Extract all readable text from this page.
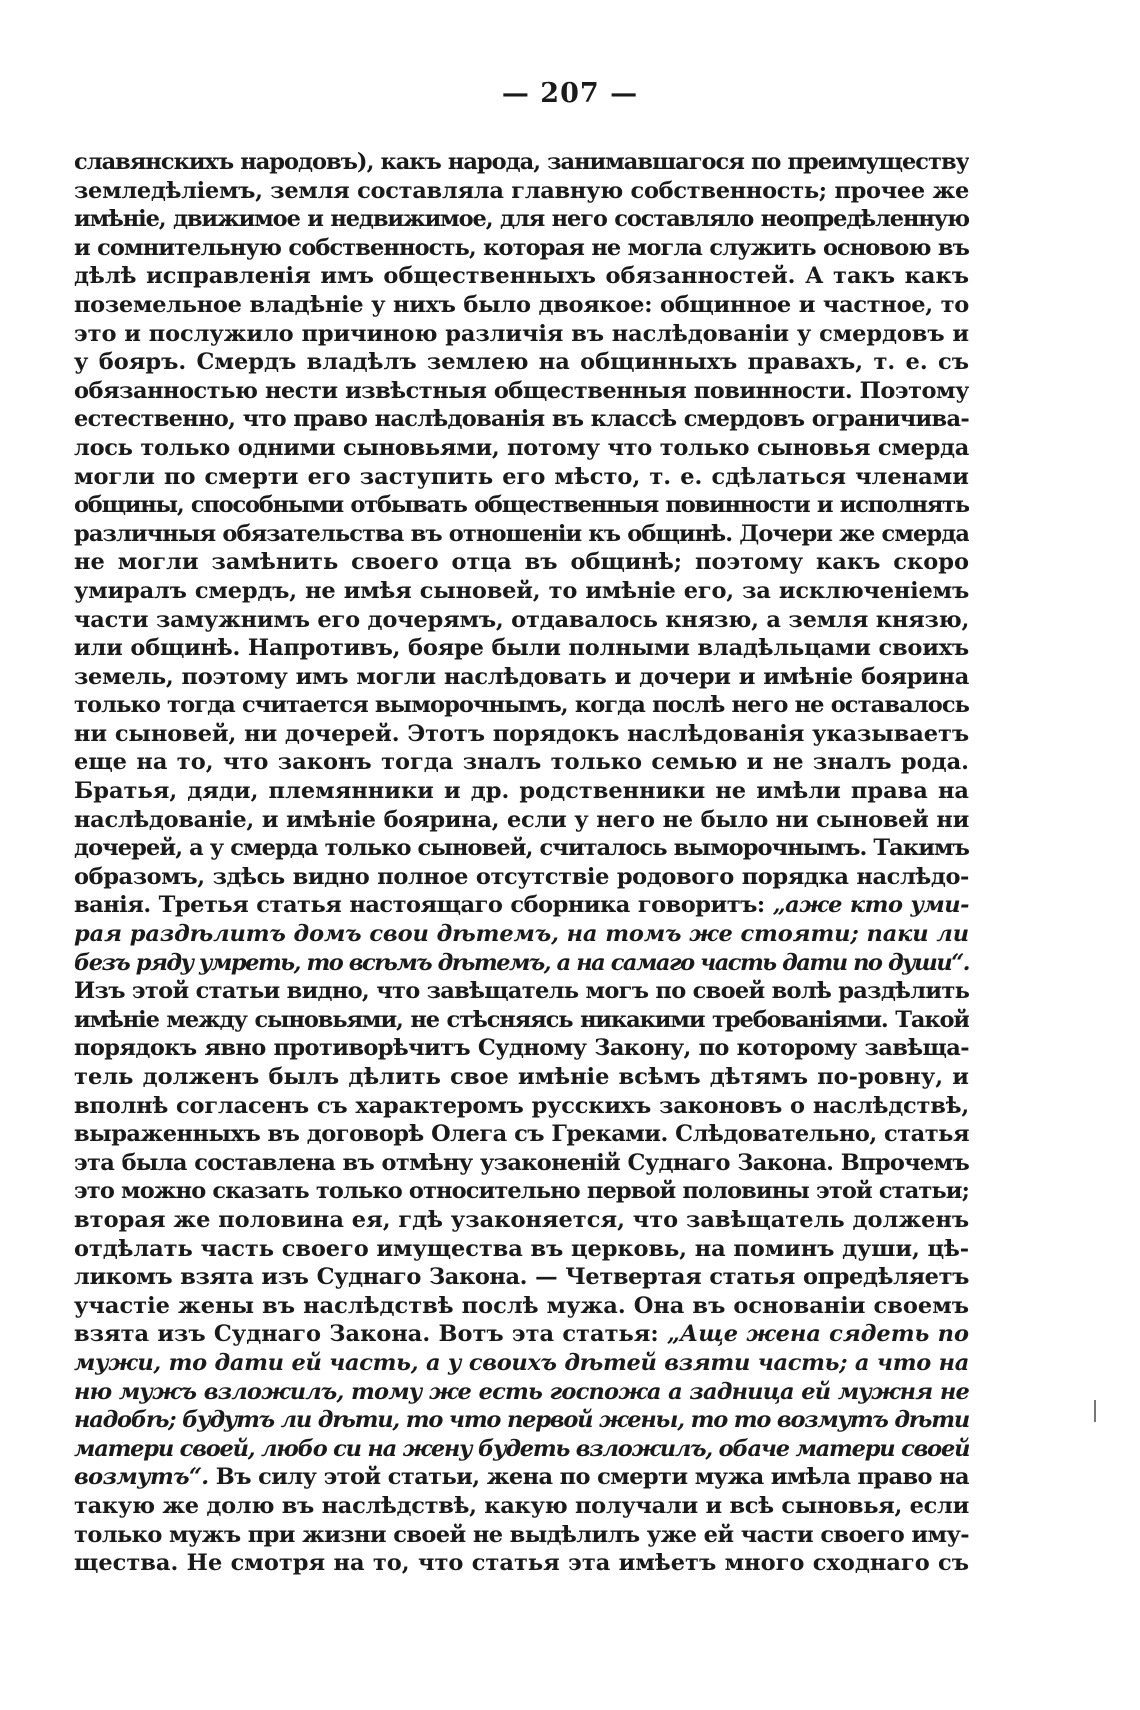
— 207 —
славянскихъ народовъ), какъ народа, занимавшагося по преимуществу
земледѣліемъ, земля составляла главную собственность; прочее же
имѣніе, движимое и недвижимое, для него составляло неопредѣленную
и сомнительную собственность, которая не могла служить основою въ
дѣлѣ исправленія имъ общественныхъ обязанностей. А такъ какъ
поземельное владѣніе у нихъ было двоякое: общинное и частное, то
это и послужило причиною различія въ наслѣдованіи у смердовъ и
у бояръ. Смердъ владѣлъ землею на общинныхъ правахъ, т. е. съ
обязанностью нести извѣстныя общественныя повинности. Поэтому
естественно, что право наслѣдованія въ классѣ смердовъ ограничива-
лось только одними сыновьями, потому что только сыновья смерда
могли по смерти его заступить его мѣсто, т. е. сдѣлаться членами
общины, способными отбывать общественныя повинности и исполнять
различныя обязательства въ отношеніи къ общинѣ. Дочери же смерда
не могли замѣнить своего отца въ общинѣ; поэтому какъ скоро
умиралъ смердъ, не имѣя сыновей, то имѣніе его, за исключеніемъ
части замужнимъ его дочерямъ, отдавалось князю, а земля князю,
или общинѣ. Напротивъ, бояре были полными владѣльцами своихъ
земель, поэтому имъ могли наслѣдовать и дочери и имѣніе боярина
только тогда считается выморочнымъ, когда послѣ него не оставалось
ни сыновей, ни дочерей. Этотъ порядокъ наслѣдованія указываетъ
еще на то, что законъ тогда зналъ только семью и не зналъ рода.
Братья, дяди, племянники и др. родственники не имѣли права на
наслѣдованіе, и имѣніе боярина, если у него не было ни сыновей ни
дочерей, а у смерда только сыновей, считалось выморочнымъ. Такимъ
образомъ, здѣсь видно полное отсутствіе родового порядка наслѣдо-
ванія. Третья статья настоящаго сборника говоритъ: „аже кто уми-
рая раздѣлитъ домъ свои дѣтемъ, на томъ же стояти; паки ли
безъ ряду умреть, то всѣмъ дѣтемъ, а на самаго часть дати по души“.
Изъ этой статьи видно, что завѣщатель могъ по своей волѣ раздѣлить
имѣніе между сыновьями, не стѣсняясь никакими требованіями. Такой
порядокъ явно противорѣчитъ Судному Закону, по которому завѣща-
тель долженъ былъ дѣлить свое имѣніе всѣмъ дѣтямъ по-ровну, и
вполнѣ согласенъ съ характеромъ русскихъ законовъ о наслѣдствѣ,
выраженныхъ въ договорѣ Олега съ Греками. Слѣдовательно, статья
эта была составлена въ отмѣну узаконеній Суднаго Закона. Впрочемъ
это можно сказать только относительно первой половины этой статьи;
вторая же половина ея, гдѣ узаконяется, что завѣщатель долженъ
отдѣлать часть своего имущества въ церковь, на поминъ души, цѣ-
ликомъ взята изъ Суднаго Закона. — Четвертая статья опредѣляетъ
участіе жены въ наслѣдствѣ послѣ мужа. Она въ основаніи своемъ
взята изъ Суднаго Закона. Вотъ эта статья: „Аще жена сядеть по
мужи, то дати ей часть, а у своихъ дѣтей взяти часть; а что на
ню мужъ взложилъ, тому же есть госпожа а задница ей мужня не
надобѣ; будутъ ли дѣти, то что первой жены, то то возмутъ дѣти
матери своей, любо си на жену будеть взложилъ, обаче матери своей
возмутъ“. Въ силу этой статьи, жена по смерти мужа имѣла право на
такую же долю въ наслѣдствѣ, какую получали и всѣ сыновья, если
только мужъ при жизни своей не выдѣлилъ уже ей части своего иму-
щества. Не смотря на то, что статья эта имѣетъ много сходнаго съ
